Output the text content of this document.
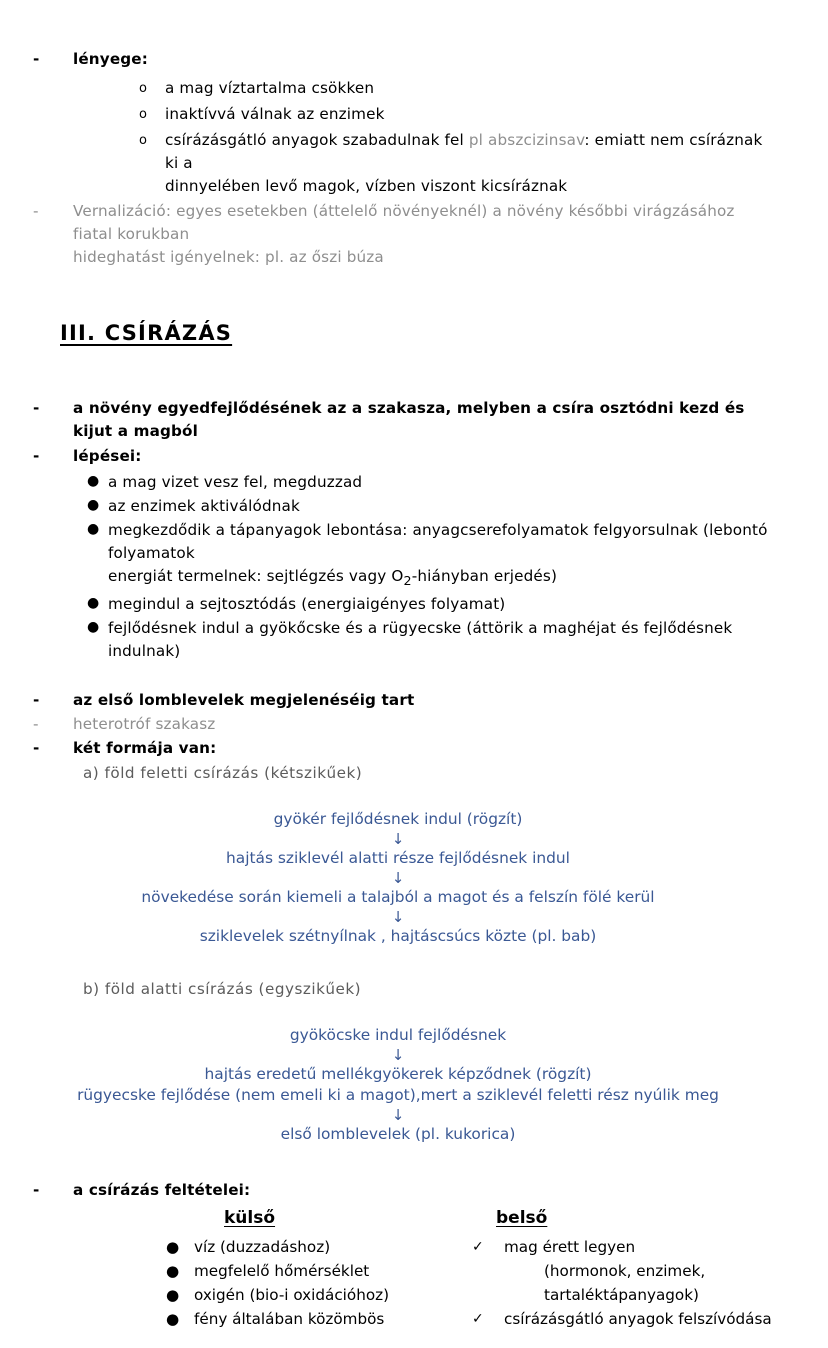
- lényege:
o a mag víztartalma csökken
o inaktívvá válnak az enzimek
o csírázásgátló anyagok szabadulnak fel pl abszcizinsav: emiatt nem csíráznak ki a
dinnyelében levő magok, vízben viszont kicsíráznak
- Vernalizáció: egyes esetekben (áttelelő növényeknél) a növény későbbi virágzásához fiatal korukban
hideghatást igényelnek: pl. az őszi búza
III. CSÍRÁZÁS
- a növény egyedfejlődésének az a szakasza, melyben a csíra osztódni kezd és kijut a magból
- lépései:
● a mag vizet vesz fel, megduzzad
● az enzimek aktiválódnak
● megkezdődik a tápanyagok lebontása: anyagcserefolyamatok felgyorsulnak (lebontó folyamatok
energiát termelnek: sejtlégzés vagy $O_2$-hiányban erjedés)
● megindul a sejtosztódás (energiaigényes folyamat)
● fejlődésnek indul a gyökőcske és a rügyecske (áttörik a maghéjat és fejlődésnek indulnak)
- az első lomblevelek megjelenéséig tart
- heterotróf szakasz
- két formája van:
a) föld feletti csírázás (kétszikűek)
gyökér fejlődésnek indul (rögzít)
↓
hajtás sziklevél alatti része fejlődésnek indul
↓
növekedése során kiemeli a talajból a magot és a felszín fölé kerül
↓
sziklevelek szétnyílnak , hajtáscsúcs közte (pl. bab)
b) föld alatti csírázás (egyszikűek)
gyököcske indul fejlődésnek
↓
hajtás eredetű mellékgyökerek képződnek (rögzít)
rügyecske fejlődése (nem emeli ki a magot),mert a sziklevél feletti rész nyúlik meg
↓
első lomblevelek (pl. kukorica)
- a csírázás feltételei:
külső
● víz (duzzadáshoz)
● megfelelő hőmérséklet
● oxigén (bio-i oxidációhoz)
● fény általában közömbös
belső
✓ mag érett legyen
(hormonok, enzimek,
tartaléktápanyagok)
✓ csírázásgátló anyagok felszívódása
